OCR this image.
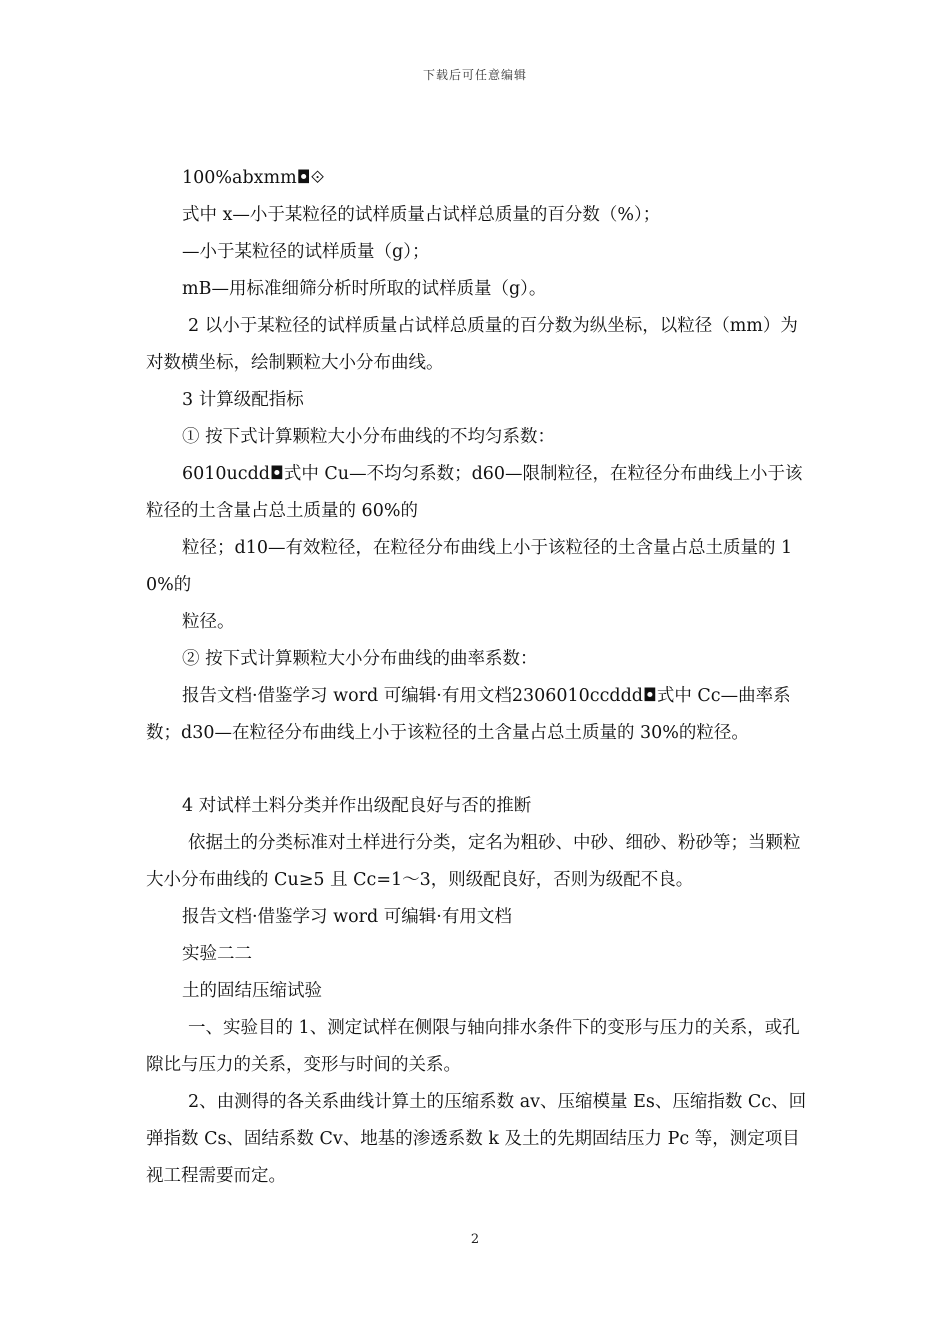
下载后可任意编辑

100%abxmm◘⟐

式中 x—小于某粒径的试样质量占试样总质量的百分数（%）；

—小于某粒径的试样质量（g）；

mB—用标准细筛分析时所取的试样质量（g）。

2 以小于某粒径的试样质量占试样总质量的百分数为纵坐标，以粒径（mm）为对数横坐标，绘制颗粒大小分布曲线。

3 计算级配指标

① 按下式计算颗粒大小分布曲线的不均匀系数：

6010ucdd◘式中 Cu—不均匀系数；d60—限制粒径，在粒径分布曲线上小于该粒径的土含量占总土质量的 60%的

粒径；d10—有效粒径，在粒径分布曲线上小于该粒径的土含量占总土质量的 10%的

粒径。

② 按下式计算颗粒大小分布曲线的曲率系数：

报告文档·借鉴学习 word 可编辑·有用文档2306010ccddd◘式中 Cc—曲率系数；d30—在粒径分布曲线上小于该粒径的土含量占总土质量的 30%的粒径。

4 对试样土料分类并作出级配良好与否的推断

依据土的分类标准对土样进行分类，定名为粗砂、中砂、细砂、粉砂等；当颗粒大小分布曲线的 Cu≥5 且 Cc=1～3，则级配良好，否则为级配不良。

报告文档·借鉴学习 word 可编辑·有用文档

实验二二

土的固结压缩试验

一、实验目的 1、测定试样在侧限与轴向排水条件下的变形与压力的关系，或孔隙比与压力的关系，变形与时间的关系。

2、由测得的各关系曲线计算土的压缩系数 av、压缩模量 Es、压缩指数 Cc、回弹指数 Cs、固结系数 Cv、地基的渗透系数 k 及土的先期固结压力 Pc 等，测定项目视工程需要而定。

2
